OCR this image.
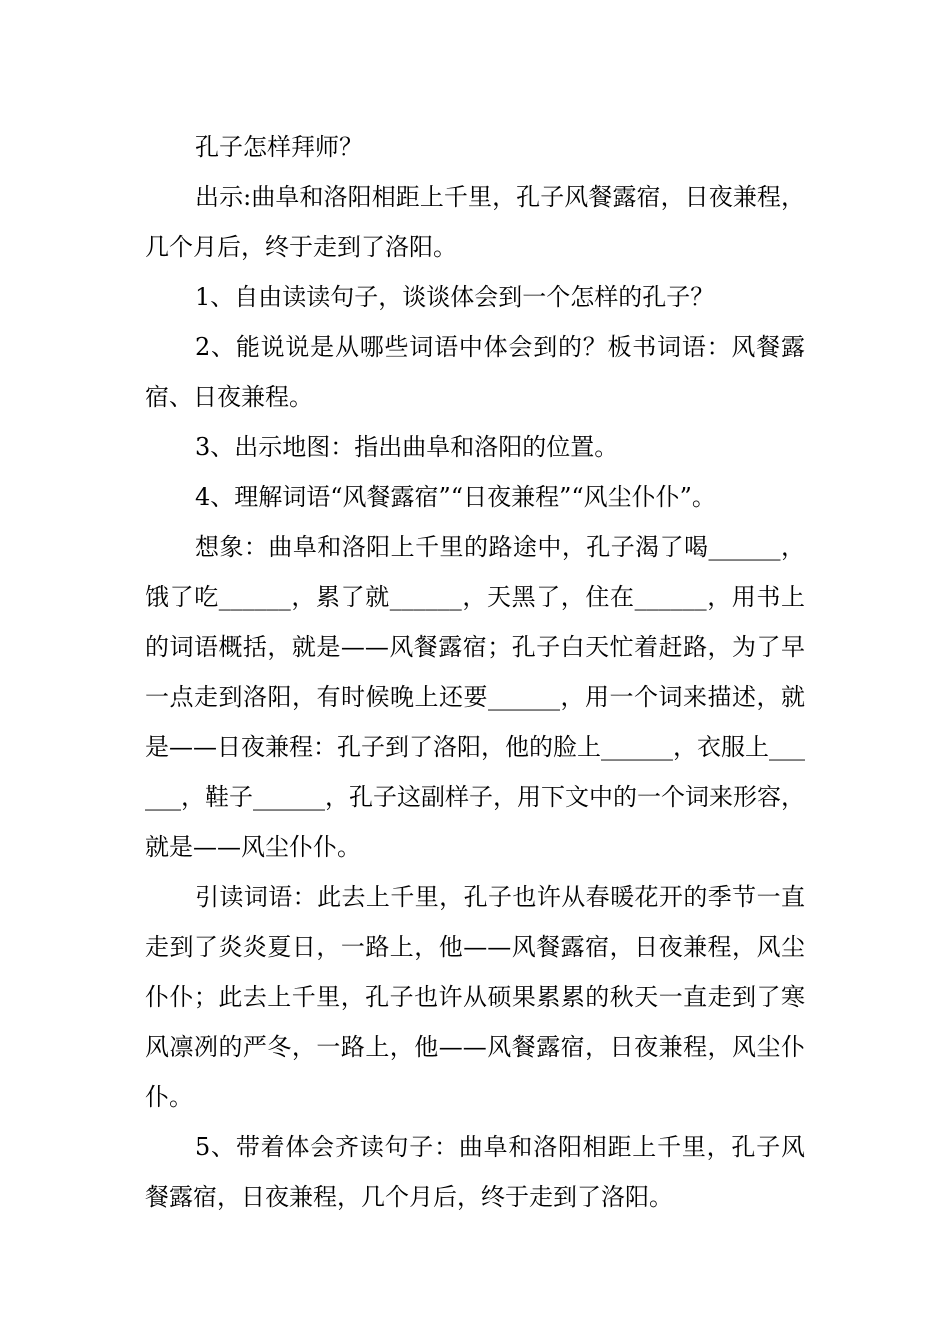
孔子怎样拜师？

出示:曲阜和洛阳相距上千里，孔子风餐露宿，日夜兼程，几个月后，终于走到了洛阳。

1、自由读读句子，谈谈体会到一个怎样的孔子？

2、能说说是从哪些词语中体会到的？板书词语：风餐露宿、日夜兼程。

3、出示地图：指出曲阜和洛阳的位置。

4、理解词语“风餐露宿”“日夜兼程”“风尘仆仆”。

想象：曲阜和洛阳上千里的路途中，孔子渴了喝______，饿了吃______，累了就______，天黑了，住在______，用书上的词语概括，就是——风餐露宿；孔子白天忙着赶路，为了早一点走到洛阳，有时候晚上还要______，用一个词来描述，就是——日夜兼程：孔子到了洛阳，他的脸上______，衣服上______，鞋子______，孔子这副样子，用下文中的一个词来形容，就是——风尘仆仆。

引读词语：此去上千里，孔子也许从春暖花开的季节一直走到了炎炎夏日，一路上，他——风餐露宿，日夜兼程，风尘仆仆；此去上千里，孔子也许从硕果累累的秋天一直走到了寒风凛冽的严冬，一路上，他——风餐露宿，日夜兼程，风尘仆仆。

5、带着体会齐读句子：曲阜和洛阳相距上千里，孔子风餐露宿，日夜兼程，几个月后，终于走到了洛阳。
